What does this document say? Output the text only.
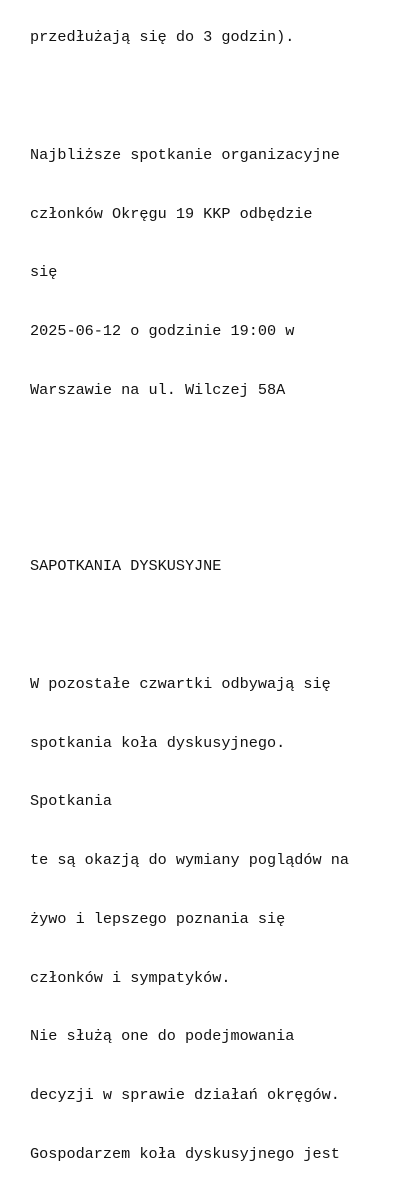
przedłużają się do 3 godzin).

Najbliższe spotkanie organizacyjne

członków Okręgu 19 KKP odbędzie

się

2025-06-12 o godzinie 19:00 w

Warszawie na ul. Wilczej 58A

SAPOTKANIA DYSKUSYJNE

W pozostałe czwartki odbywają się

spotkania koła dyskusyjnego.

Spotkania

te są okazją do wymiany poglądów na

żywo i lepszego poznania się

członków i sympatyków.

Nie służą one do podejmowania

decyzji w sprawie działań okręgów.

Gospodarzem koła dyskusyjnego jest
